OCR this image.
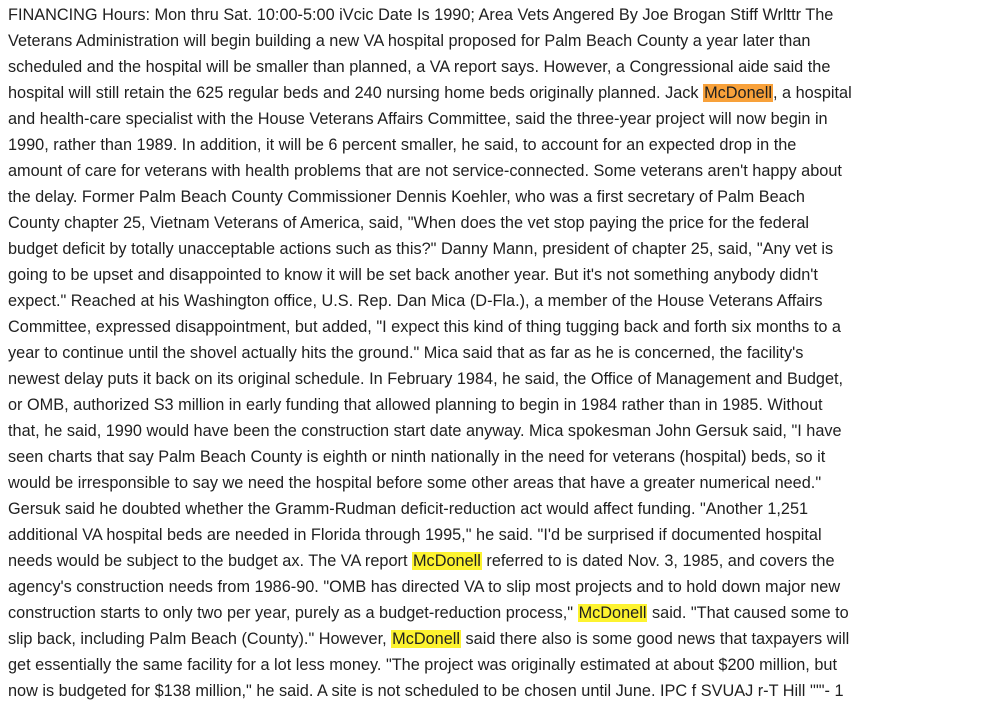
FINANCING Hours: Mon thru Sat. 10:00-5:00 iVcic Date Is 1990; Area Vets Angered By Joe Brogan Stiff Wrlttr The
Veterans Administration will begin building a new VA hospital proposed for Palm Beach County a year later than
scheduled and the hospital will be smaller than planned, a VA report says. However, a Congressional aide said the
hospital will still retain the 625 regular beds and 240 nursing home beds originally planned. Jack McDonell, a hospital
and health-care specialist with the House Veterans Affairs Committee, said the three-year project will now begin in
1990, rather than 1989. In addition, it will be 6 percent smaller, he said, to account for an expected drop in the
amount of care for veterans with health problems that are not service-connected. Some veterans aren't happy about
the delay. Former Palm Beach County Commissioner Dennis Koehler, who was a first secretary of Palm Beach
County chapter 25, Vietnam Veterans of America, said, "When does the vet stop paying the price for the federal
budget deficit by totally unacceptable actions such as this?" Danny Mann, president of chapter 25, said, "Any vet is
going to be upset and disappointed to know it will be set back another year. But it's not something anybody didn't
expect." Reached at his Washington office, U.S. Rep. Dan Mica (D-Fla.), a member of the House Veterans Affairs
Committee, expressed disappointment, but added, "I expect this kind of thing tugging back and forth six months to a
year to continue until the shovel actually hits the ground." Mica said that as far as he is concerned, the facility's
newest delay puts it back on its original schedule. In February 1984, he said, the Office of Management and Budget,
or OMB, authorized S3 million in early funding that allowed planning to begin in 1984 rather than in 1985. Without
that, he said, 1990 would have been the construction start date anyway. Mica spokesman John Gersuk said, "I have
seen charts that say Palm Beach County is eighth or ninth nationally in the need for veterans (hospital) beds, so it
would be irresponsible to say we need the hospital before some other areas that have a greater numerical need."
Gersuk said he doubted whether the Gramm-Rudman deficit-reduction act would affect funding. "Another 1,251
additional VA hospital beds are needed in Florida through 1995," he said. "I'd be surprised if documented hospital
needs would be subject to the budget ax. The VA report McDonell referred to is dated Nov. 3, 1985, and covers the
agency's construction needs from 1986-90. "OMB has directed VA to slip most projects and to hold down major new
construction starts to only two per year, purely as a budget-reduction process," McDonell said. "That caused some to
slip back, including Palm Beach (County)." However, McDonell said there also is some good news that taxpayers will
get essentially the same facility for a lot less money. "The project was originally estimated at about $200 million, but
now is budgeted for $138 million," he said. A site is not scheduled to be chosen until June. IPC f SVUAJ r-T Hill '""- 1
